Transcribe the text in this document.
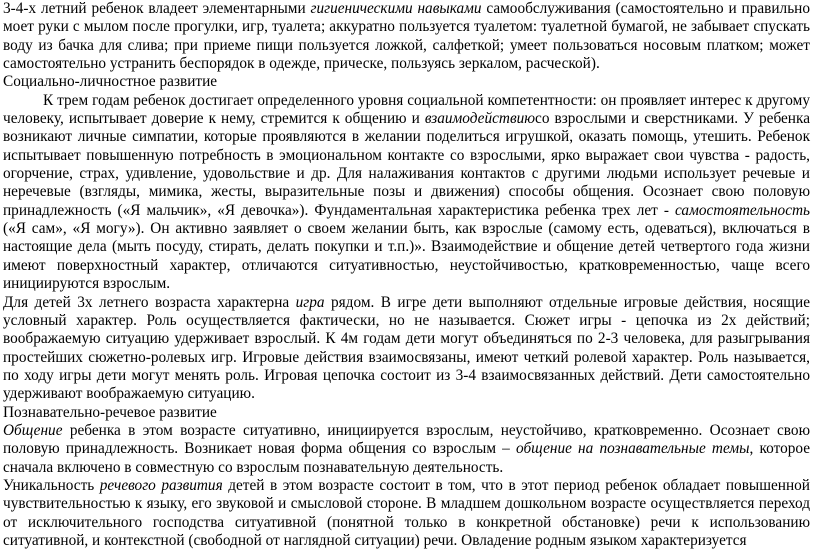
3-4-х летний ребенок владеет элементарными гигиеническими навыками самообслуживания (самостоятельно и правильно моет руки с мылом после прогулки, игр, туалета; аккуратно пользуется туалетом: туалетной бумагой, не забывает спускать воду из бачка для слива; при приеме пищи пользуется ложкой, салфеткой; умеет пользоваться носовым платком; может самостоятельно устранить беспорядок в одежде, прическе, пользуясь зеркалом, расческой).

Социально-личностное развитие

К трем годам ребенок достигает определенного уровня социальной компетентности: он проявляет интерес к другому человеку, испытывает доверие к нему, стремится к общению и взаимодействиюсо взрослыми и сверстниками. У ребенка возникают личные симпатии, которые проявляются в желании поделиться игрушкой, оказать помощь, утешить. Ребенок испытывает повышенную потребность в эмоциональном контакте со взрослыми, ярко выражает свои чувства - радость, огорчение, страх, удивление, удовольствие и др. Для налаживания контактов с другими людьми использует речевые и неречевые (взгляды, мимика, жесты, выразительные позы и движения) способы общения. Осознает свою половую принадлежность («Я мальчик», «Я девочка»). Фундаментальная характеристика ребенка трех лет - самостоятельность («Я сам», «Я могу»). Он активно заявляет о своем желании быть, как взрослые (самому есть, одеваться), включаться в настоящие дела (мыть посуду, стирать, делать покупки и т.п.)». Взаимодействие и общение детей четвертого года жизни имеют поверхностный характер, отличаются ситуативностью, неустойчивостью, кратковременностью, чаще всего инициируются взрослым.

Для детей 3х летнего возраста характерна игра рядом. В игре дети выполняют отдельные игровые действия, носящие условный характер. Роль осуществляется фактически, но не называется. Сюжет игры - цепочка из 2х действий; воображаемую ситуацию удерживает взрослый. К 4м годам дети могут объединяться по 2-3 человека, для разыгрывания простейших сюжетно-ролевых игр. Игровые действия взаимосвязаны, имеют четкий ролевой характер. Роль называется, по ходу игры дети могут менять роль. Игровая цепочка состоит из 3-4 взаимосвязанных действий. Дети самостоятельно удерживают воображаемую ситуацию.

Познавательно-речевое развитие

Общение ребенка в этом возрасте ситуативно, инициируется взрослым, неустойчиво, кратковременно. Осознает свою половую принадлежность. Возникает новая форма общения со взрослым – общение на познавательные темы, которое сначала включено в совместную со взрослым познавательную деятельность.

Уникальность речевого развития детей в этом возрасте состоит в том, что в этот период ребенок обладает повышенной чувствительностью к языку, его звуковой и смысловой стороне. В младшем дошкольном возрасте осуществляется переход от исключительного господства ситуативной (понятной только в конкретной обстановке) речи к использованию ситуативной, и контекстной (свободной от наглядной ситуации) речи. Овладение родным языком характеризуется
